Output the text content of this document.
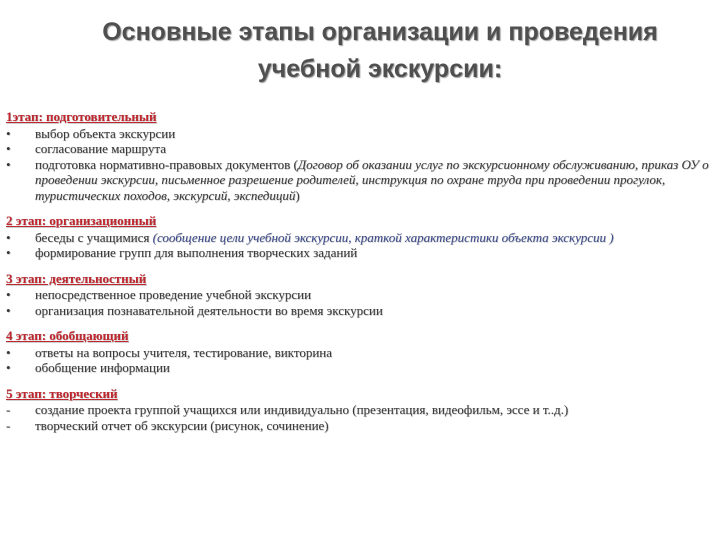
Основные этапы организации и проведения
учебной экскурсии:
1этап: подготовительный
•	выбор объекта экскурсии
•	согласование маршрута
•	подготовка нормативно-правовых документов (Договор об оказании услуг по экскурсионному обслуживанию, приказ ОУ о проведении экскурсии, письменное разрешение родителей, инструкция по охране труда при проведении прогулок, туристических походов, экскурсий, экспедиций)
2 этап: организационный
•	беседы с учащимися (сообщение цели учебной экскурсии, краткой характеристики объекта экскурсии )
•	формирование групп для выполнения творческих заданий
3 этап: деятельностный
•	непосредственное проведение учебной экскурсии
•	организация познавательной деятельности во время экскурсии
4 этап: обобщающий
•	ответы на вопросы учителя, тестирование, викторина
•	обобщение информации
5 этап: творческий
-	создание проекта группой учащихся или индивидуально (презентация, видеофильм, эссе и т..д.)
-	творческий отчет об экскурсии (рисунок, сочинение)
